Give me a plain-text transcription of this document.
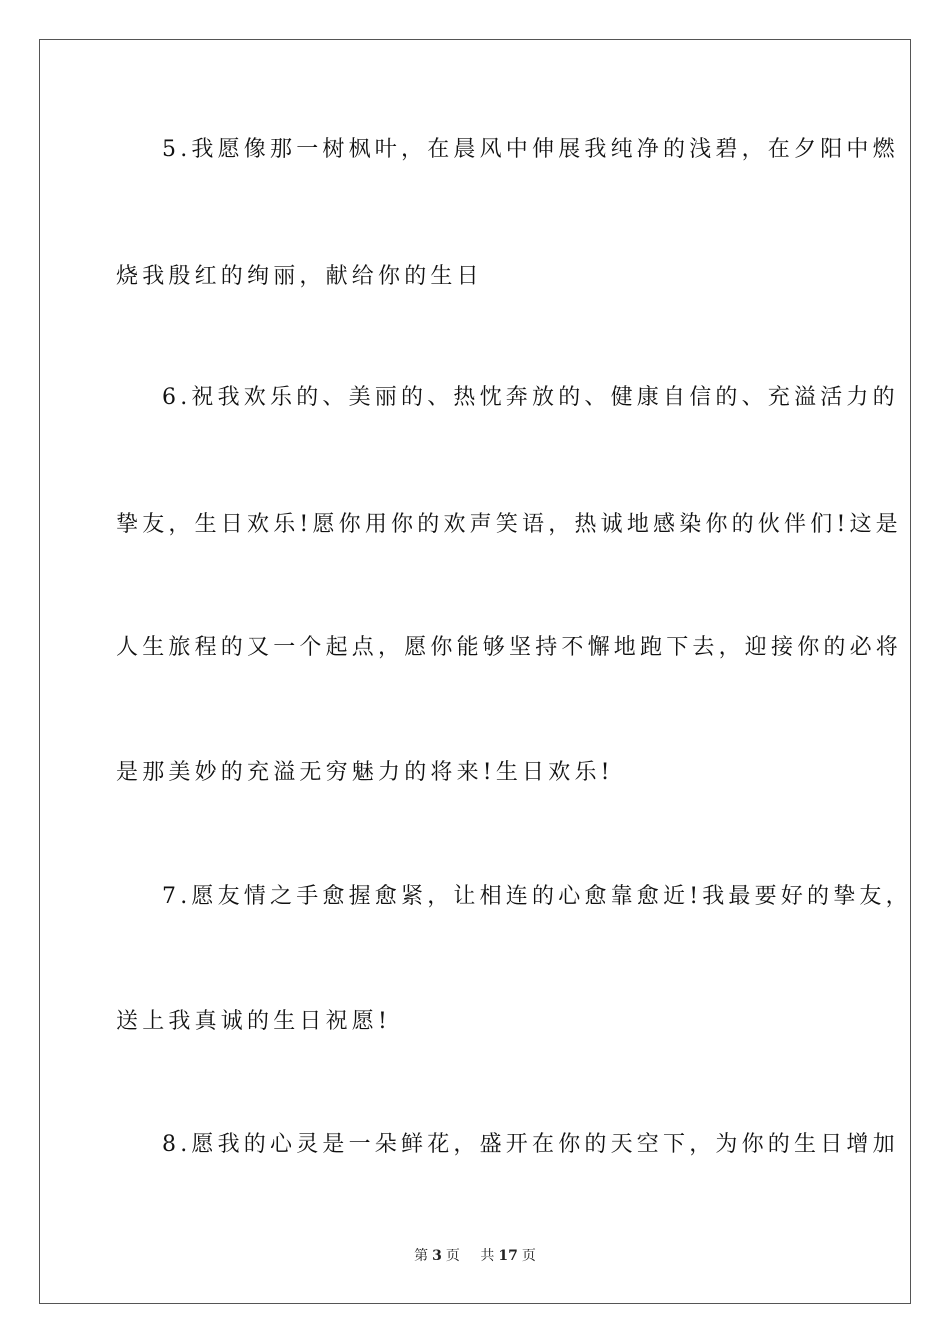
5.我愿像那一树枫叶，在晨风中伸展我纯净的浅碧，在夕阳中燃
烧我殷红的绚丽，献给你的生日
6.祝我欢乐的、美丽的、热忱奔放的、健康自信的、充溢活力的
挚友，生日欢乐!愿你用你的欢声笑语，热诚地感染你的伙伴们!这是
人生旅程的又一个起点，愿你能够坚持不懈地跑下去，迎接你的必将
是那美妙的充溢无穷魅力的将来!生日欢乐!
7.愿友情之手愈握愈紧，让相连的心愈靠愈近!我最要好的挚友，
送上我真诚的生日祝愿!
8.愿我的心灵是一朵鲜花，盛开在你的天空下，为你的生日增加
第 3 页 共 17 页
